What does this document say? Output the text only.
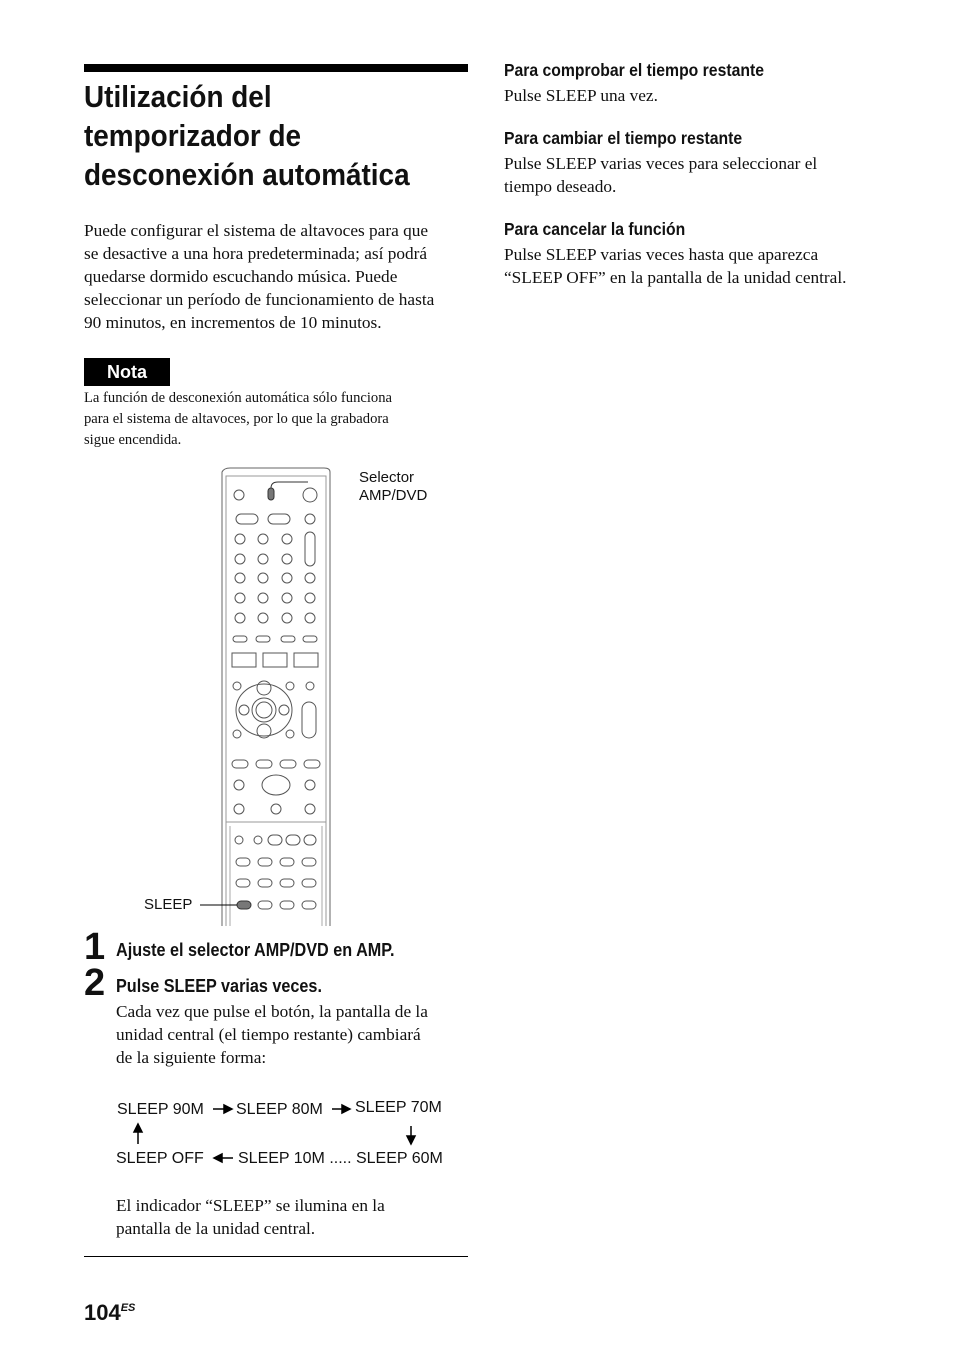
Utilización del
temporizador de
desconexión automática
Puede configurar el sistema de altavoces para que
se desactive a una hora predeterminada; así podrá
quedarse dormido escuchando música. Puede
seleccionar un período de funcionamiento de hasta
90 minutos, en incrementos de 10 minutos.
Nota
La función de desconexión automática sólo funciona
para el sistema de altavoces, por lo que la grabadora
sigue encendida.
Selector
AMP/DVD
SLEEP
1 Ajuste el selector AMP/DVD en AMP.
2 Pulse SLEEP varias veces.
Cada vez que pulse el botón, la pantalla de la
unidad central (el tiempo restante) cambiará
de la siguiente forma:
SLEEP 90M SLEEP 80M SLEEP 70M
SLEEP OFF SLEEP 10M ..... SLEEP 60M
El indicador “SLEEP” se ilumina en la
pantalla de la unidad central.
Para comprobar el tiempo restante
Pulse SLEEP una vez.
Para cambiar el tiempo restante
Pulse SLEEP varias veces para seleccionar el
tiempo deseado.
Para cancelar la función
Pulse SLEEP varias veces hasta que aparezca
“SLEEP OFF” en la pantalla de la unidad central.
$104^{ES}$
